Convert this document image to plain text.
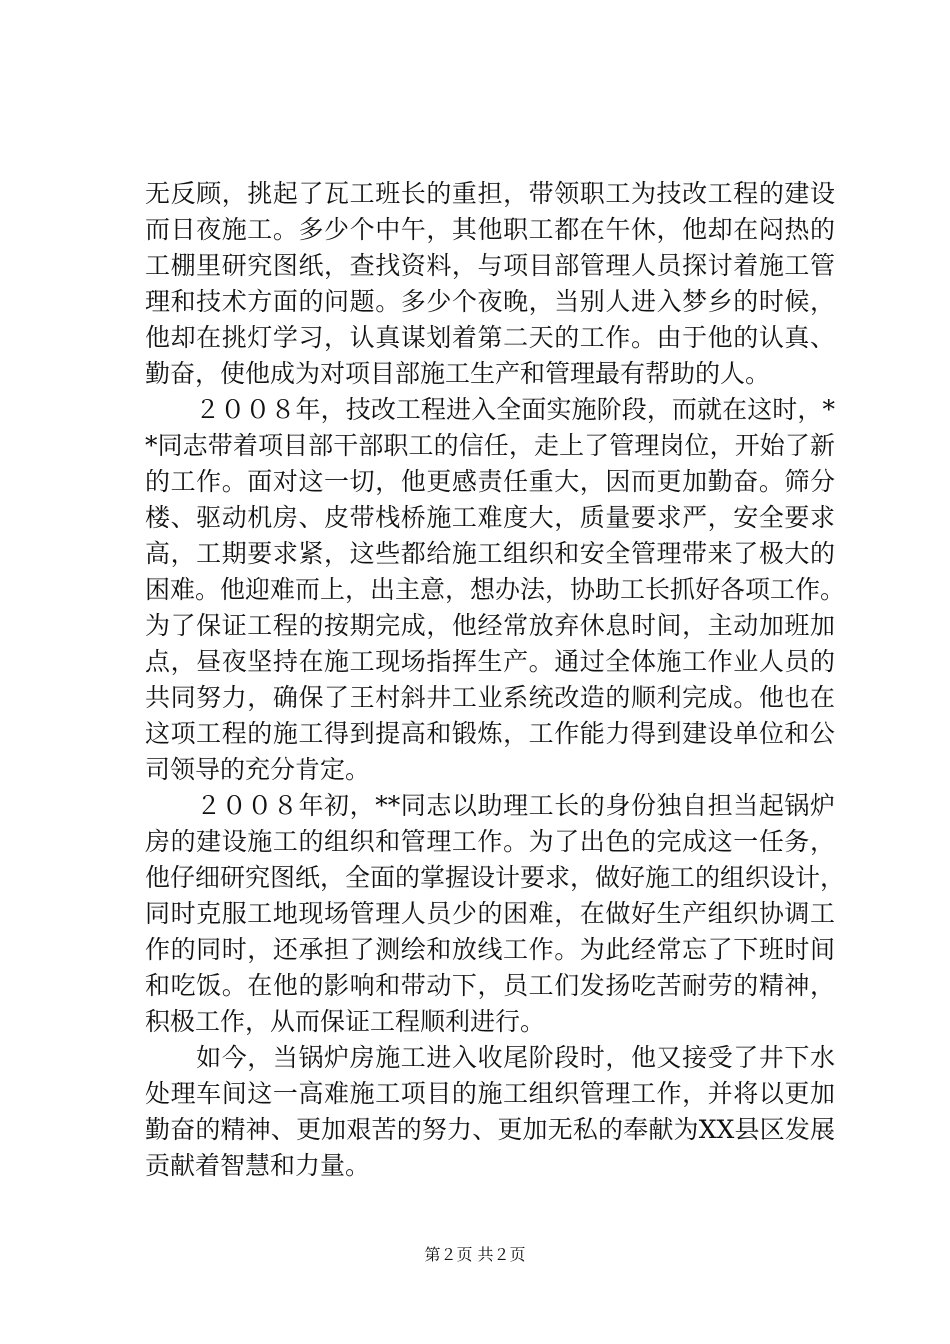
无反顾，挑起了瓦工班长的重担，带领职工为技改工程的建设
而日夜施工。多少个中午，其他职工都在午休，他却在闷热的
工棚里研究图纸，查找资料，与项目部管理人员探讨着施工管
理和技术方面的问题。多少个夜晚，当别人进入梦乡的时候，
他却在挑灯学习，认真谋划着第二天的工作。由于他的认真、
勤奋，使他成为对项目部施工生产和管理最有帮助的人。
　　２００８年，技改工程进入全面实施阶段，而就在这时，*
*同志带着项目部干部职工的信任，走上了管理岗位，开始了新
的工作。面对这一切，他更感责任重大，因而更加勤奋。筛分
楼、驱动机房、皮带栈桥施工难度大，质量要求严，安全要求
高，工期要求紧，这些都给施工组织和安全管理带来了极大的
困难。他迎难而上，出主意，想办法，协助工长抓好各项工作。
为了保证工程的按期完成，他经常放弃休息时间，主动加班加
点，昼夜坚持在施工现场指挥生产。通过全体施工作业人员的
共同努力，确保了王村斜井工业系统改造的顺利完成。他也在
这项工程的施工得到提高和锻炼，工作能力得到建设单位和公
司领导的充分肯定。
　　２００８年初，**同志以助理工长的身份独自担当起锅炉
房的建设施工的组织和管理工作。为了出色的完成这一任务，
他仔细研究图纸，全面的掌握设计要求，做好施工的组织设计，
同时克服工地现场管理人员少的困难，在做好生产组织协调工
作的同时，还承担了测绘和放线工作。为此经常忘了下班时间
和吃饭。在他的影响和带动下，员工们发扬吃苦耐劳的精神，
积极工作，从而保证工程顺利进行。
　　如今，当锅炉房施工进入收尾阶段时，他又接受了井下水
处理车间这一高难施工项目的施工组织管理工作，并将以更加
勤奋的精神、更加艰苦的努力、更加无私的奉献为XX县区发展
贡献着智慧和力量。
第２页 共２页
